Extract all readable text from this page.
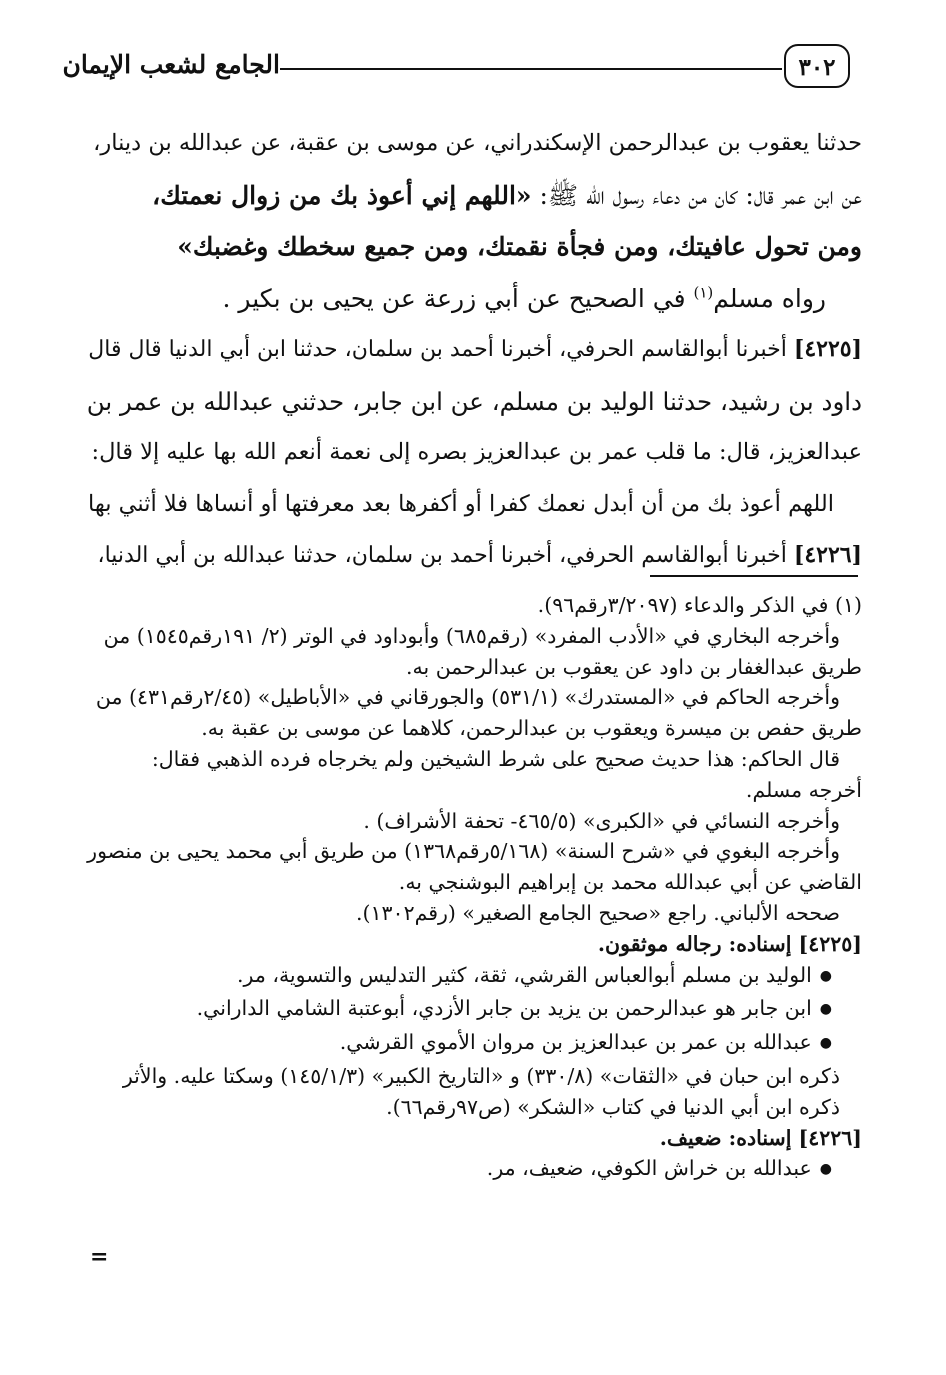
٣٠٢
الجامع لشعب الإيمان
حدثنا يعقوب بن عبدالرحمن الإسكندراني، عن موسى بن عقبة، عن عبدالله بن دينار،
عن ابن عمر قال: كان من دعاء رسول الله ﷺ: «اللهم إني أعوذ بك من زوال نعمتك،
ومن تحول عافيتك، ومن فجأة نقمتك، ومن جميع سخطك وغضبك»
رواه مسلم$^{(١)}$ في الصحيح عن أبي زرعة عن يحيى بن بكير .
[٤٢٢٥] أخبرنا أبوالقاسم الحرفي، أخبرنا أحمد بن سلمان، حدثنا ابن أبي الدنيا قال قال
داود بن رشيد، حدثنا الوليد بن مسلم، عن ابن جابر، حدثني عبدالله بن عمر بن
عبدالعزيز، قال: ما قلب عمر بن عبدالعزيز بصره إلى نعمة أنعم الله بها عليه إلا قال:
اللهم أعوذ بك من أن أبدل نعمك كفرا أو أكفرها بعد معرفتها أو أنساها فلا أثني بها
[٤٢٢٦] أخبرنا أبوالقاسم الحرفي، أخبرنا أحمد بن سلمان، حدثنا عبدالله بن أبي الدنيا،
(١) في الذكر والدعاء (٣/٢٠٩٧رقم٩٦).
وأخرجه البخاري في «الأدب المفرد» (رقم٦٨٥) وأبوداود في الوتر (٢/ ١٩١رقم١٥٤٥) من
طريق عبدالغفار بن داود عن يعقوب بن عبدالرحمن به.
وأخرجه الحاكم في «المستدرك» (٥٣١/١) والجورقاني في «الأباطيل» (٢/٤٥رقم٤٣١) من
طريق حفص بن ميسرة ويعقوب بن عبدالرحمن، كلاهما عن موسى بن عقبة به.
قال الحاكم: هذا حديث صحيح على شرط الشيخين ولم يخرجاه فرده الذهبي فقال:
أخرجه مسلم.
وأخرجه النسائي في «الكبرى» (٤٦٥/٥- تحفة الأشراف) .
وأخرجه البغوي في «شرح السنة» (٥/١٦٨رقم١٣٦٨) من طريق أبي محمد يحيى بن منصور
القاضي عن أبي عبدالله محمد بن إبراهيم البوشنجي به.
صححه الألباني. راجع «صحيح الجامع الصغير» (رقم١٣٠٢).
[٤٢٢٥] إسناده: رجاله موثقون.
● الوليد بن مسلم أبوالعباس القرشي، ثقة، كثير التدليس والتسوية، مر.
● ابن جابر هو عبدالرحمن بن يزيد بن جابر الأزدي، أبوعتبة الشامي الداراني.
● عبدالله بن عمر بن عبدالعزيز بن مروان الأموي القرشي.
ذكره ابن حبان في «الثقات» (٣٣٠/٨) و «التاريخ الكبير» (١٤٥/١/٣) وسكتا عليه. والأثر
ذكره ابن أبي الدنيا في كتاب «الشكر» (ص٩٧رقم٦٦).
[٤٢٢٦] إسناده: ضعيف.
● عبدالله بن خراش الكوفي، ضعيف، مر.
=
